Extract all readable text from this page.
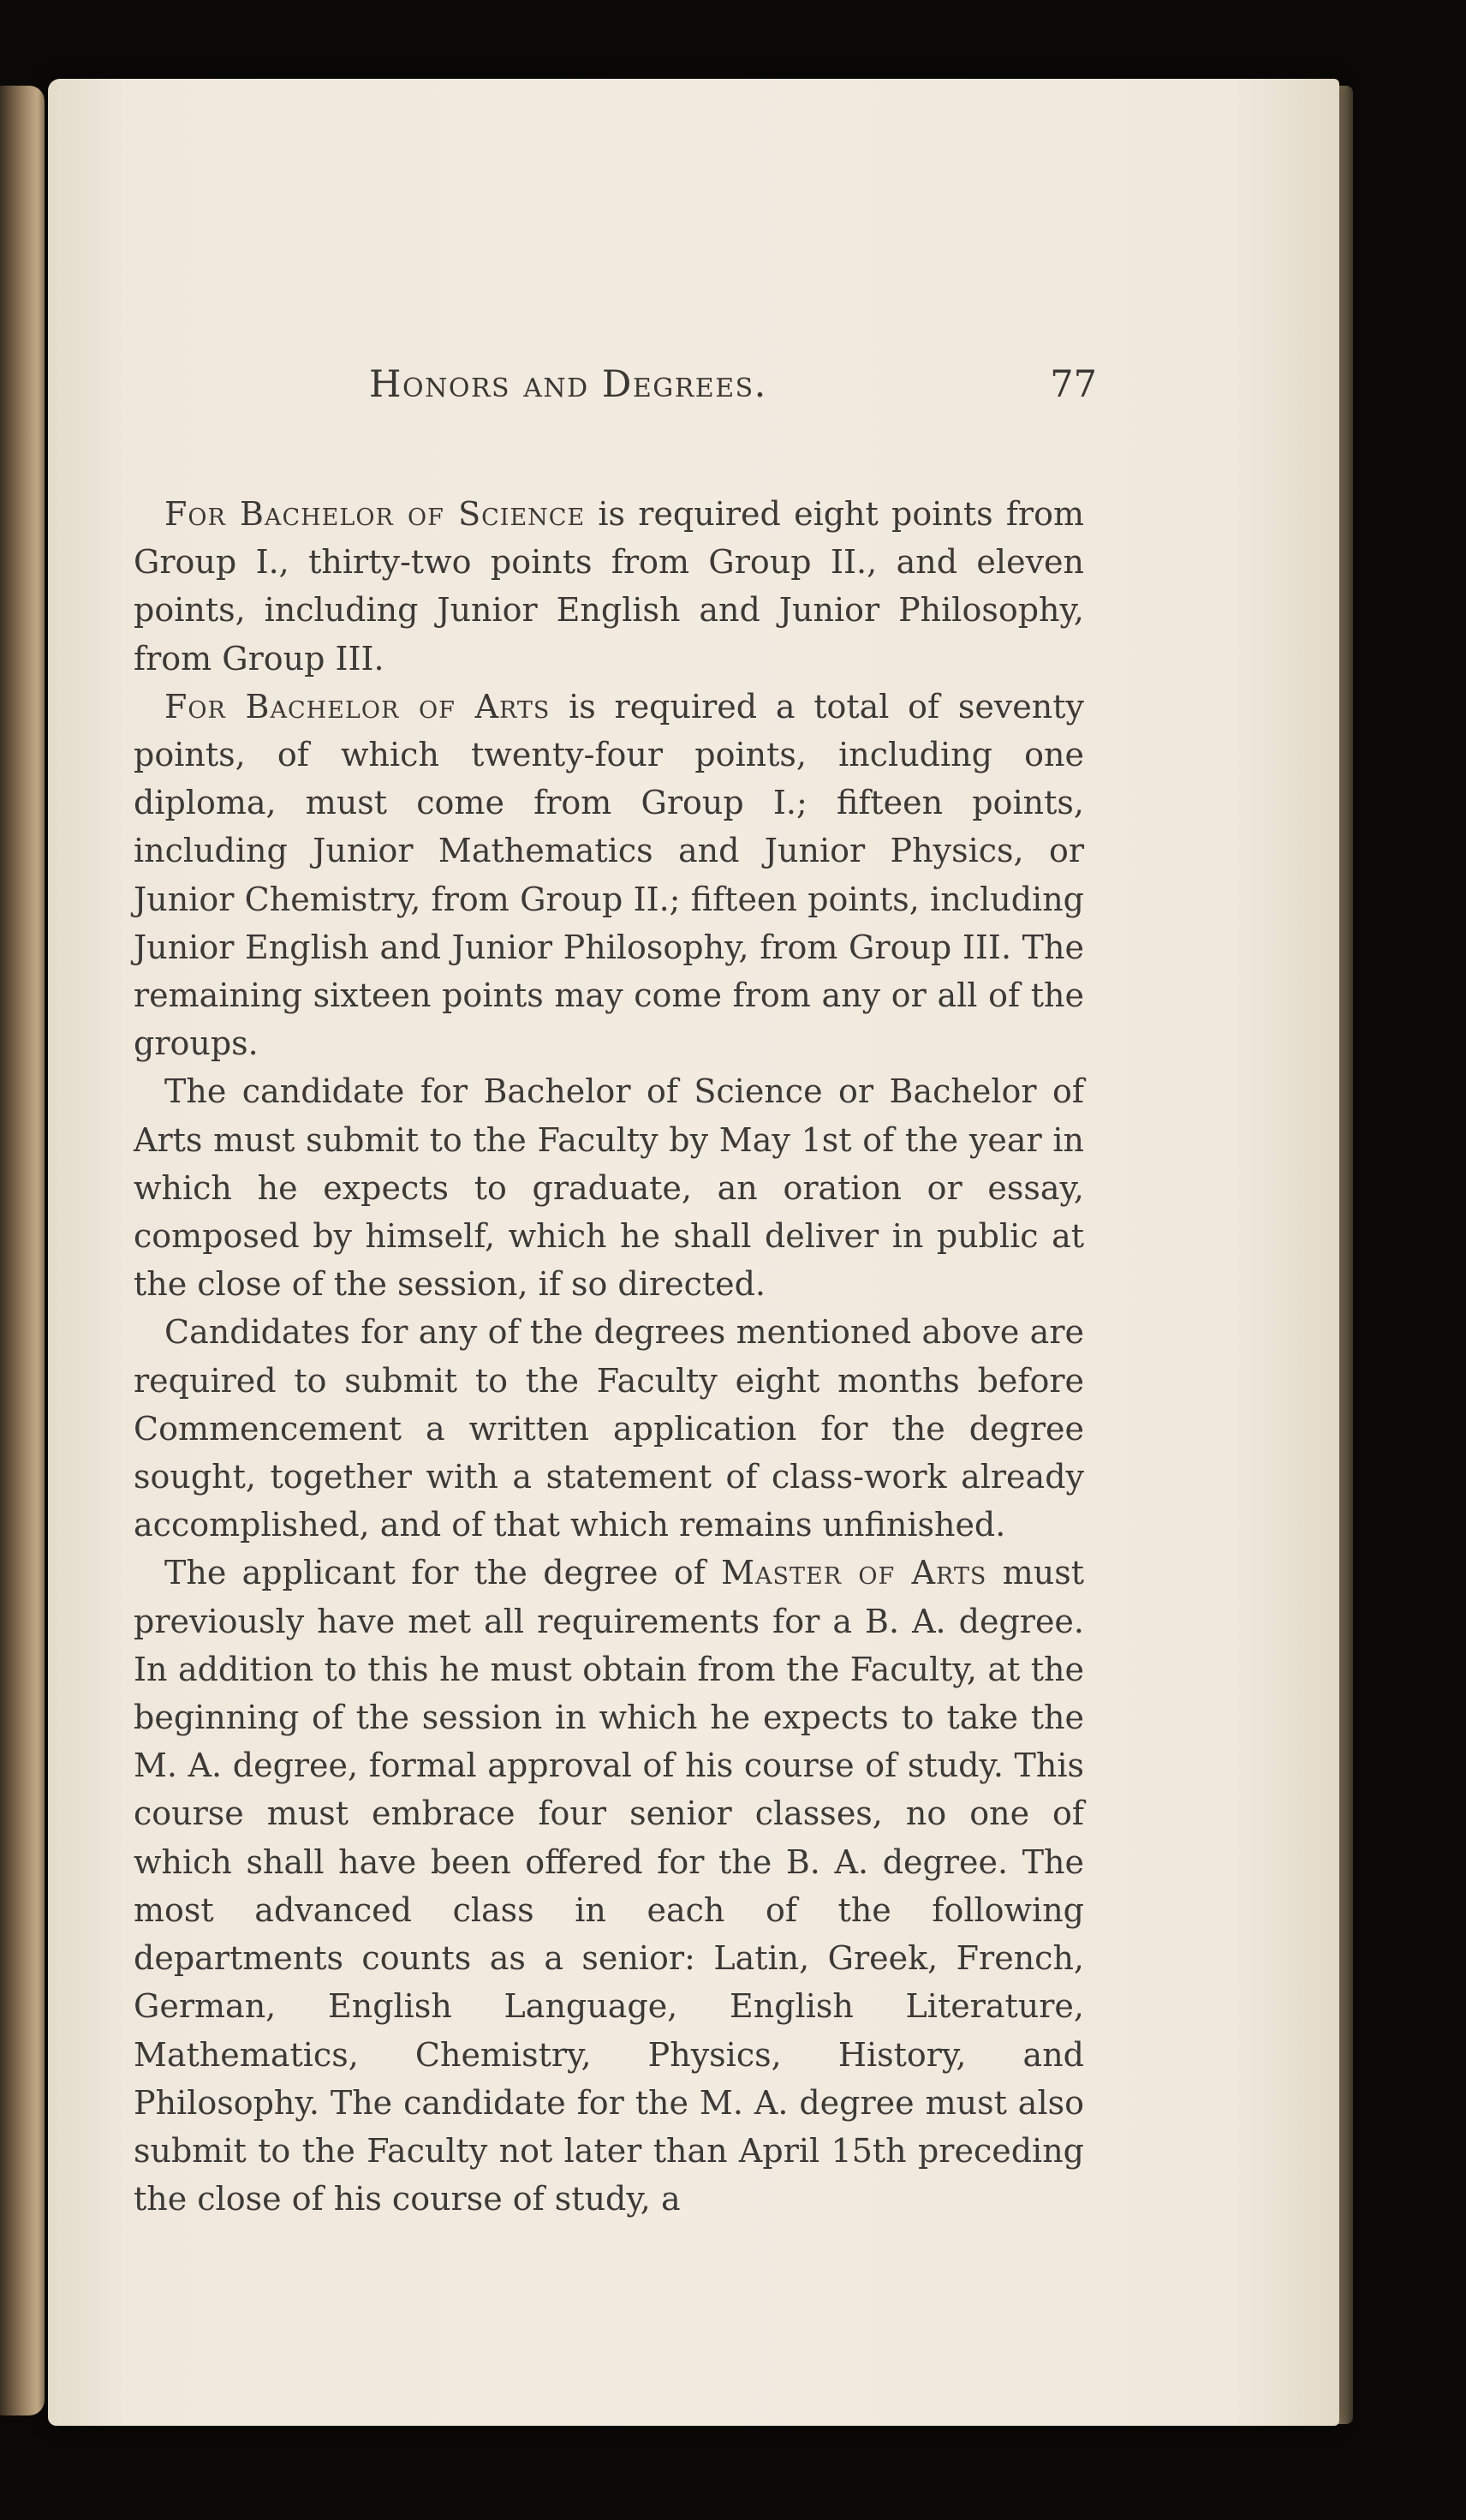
Honors and Degrees.	77

For Bachelor of Science is required eight points from Group I., thirty-two points from Group II., and eleven points, including Junior English and Junior Philosophy, from Group III.

For Bachelor of Arts is required a total of seventy points, of which twenty-four points, including one diploma, must come from Group I.; fifteen points, including Junior Mathematics and Junior Physics, or Junior Chemistry, from Group II.; fifteen points, including Junior English and Junior Philosophy, from Group III. The remaining sixteen points may come from any or all of the groups.

The candidate for Bachelor of Science or Bachelor of Arts must submit to the Faculty by May 1st of the year in which he expects to graduate, an oration or essay, composed by himself, which he shall deliver in public at the close of the session, if so directed.

Candidates for any of the degrees mentioned above are required to submit to the Faculty eight months before Commencement a written application for the degree sought, together with a statement of class-work already accomplished, and of that which remains unfinished.

The applicant for the degree of Master of Arts must previously have met all requirements for a B. A. degree. In addition to this he must obtain from the Faculty, at the beginning of the session in which he expects to take the M. A. degree, formal approval of his course of study. This course must embrace four senior classes, no one of which shall have been offered for the B. A. degree. The most advanced class in each of the following departments counts as a senior: Latin, Greek, French, German, English Language, English Literature, Mathematics, Chemistry, Physics, History, and Philosophy. The candidate for the M. A. degree must also submit to the Faculty not later than April 15th preceding the close of his course of study, a
